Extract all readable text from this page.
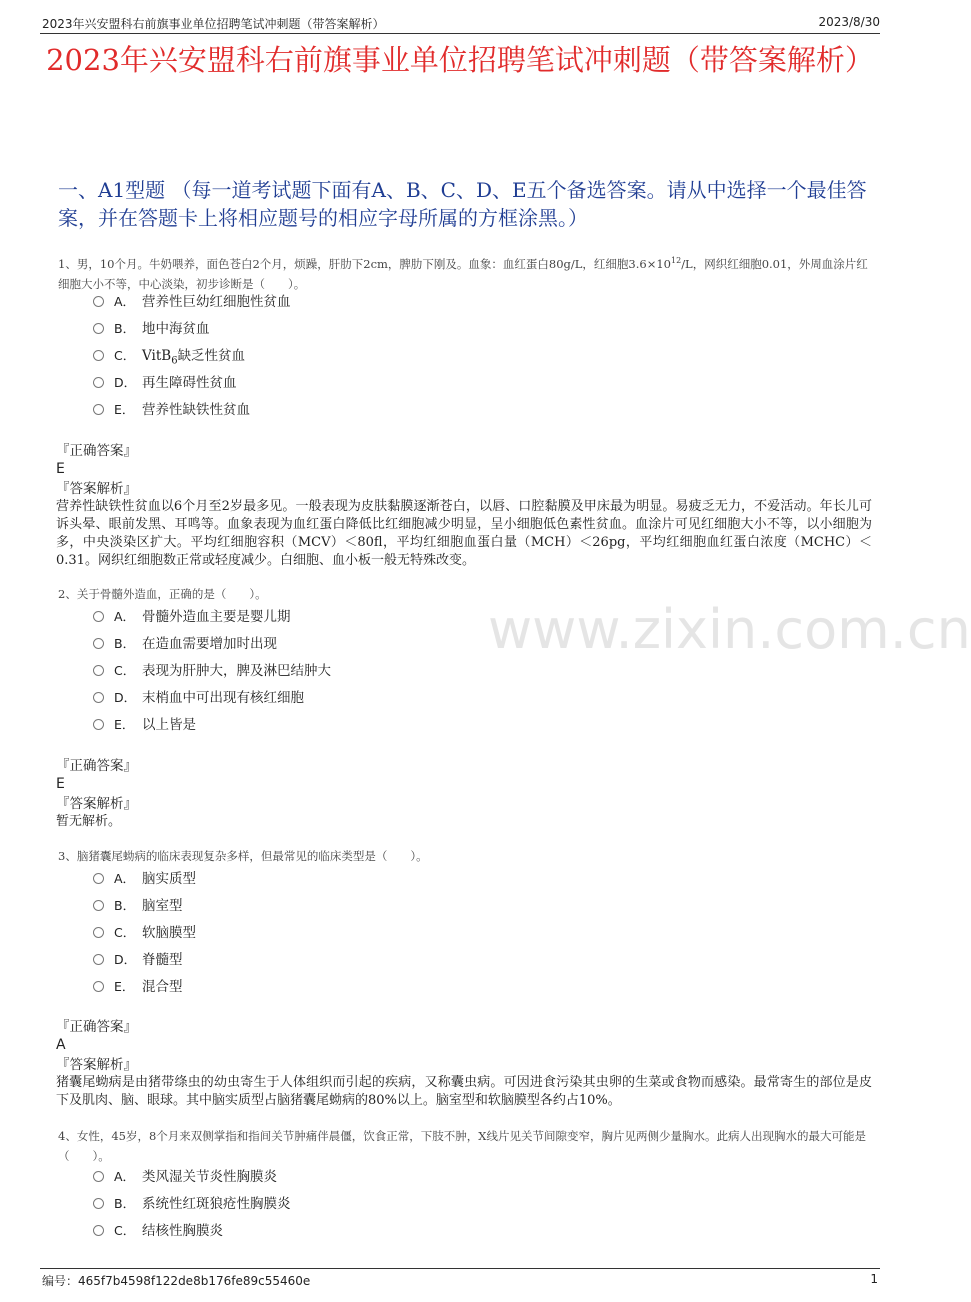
2023年兴安盟科右前旗事业单位招聘笔试冲刺题（带答案解析）	2023/8/30
2023年兴安盟科右前旗事业单位招聘笔试冲刺题（带答案解析）
一、A1型题 （每一道考试题下面有A、B、C、D、E五个备选答案。请从中选择一个最佳答案，并在答题卡上将相应题号的相应字母所属的方框涂黑。）
www.zixin.com.cn
1、男，10个月。牛奶喂养，面色苍白2个月，烦躁，肝肋下2cm，脾肋下刚及。血象：血红蛋白80g/L，红细胞$3.6\times 10^{12}/L$，网织红细胞0.01，外周血涂片红细胞大小不等，中心淡染，初步诊断是（　　）。
A． 营养性巨幼红细胞性贫血
B． 地中海贫血
C． VitB$_6$缺乏性贫血
D． 再生障碍性贫血
E． 营养性缺铁性贫血
『正确答案』
E
『答案解析』
营养性缺铁性贫血以6个月至2岁最多见。一般表现为皮肤黏膜逐渐苍白，以唇、口腔黏膜及甲床最为明显。易疲乏无力，不爱活动。年长儿可诉头晕、眼前发黑、耳鸣等。血象表现为血红蛋白降低比红细胞减少明显，呈小细胞低色素性贫血。血涂片可见红细胞大小不等，以小细胞为多，中央淡染区扩大。平均红细胞容积（MCV）＜80fl，平均红细胞血蛋白量（MCH）＜26pg，平均红细胞血红蛋白浓度（MCHC）＜0.31。网织红细胞数正常或轻度减少。白细胞、血小板一般无特殊改变。
2、关于骨髓外造血，正确的是（　　）。
A． 骨髓外造血主要是婴儿期
B． 在造血需要增加时出现
C． 表现为肝肿大，脾及淋巴结肿大
D． 末梢血中可出现有核红细胞
E． 以上皆是
『正确答案』
E
『答案解析』
暂无解析。
3、脑猪囊尾蚴病的临床表现复杂多样，但最常见的临床类型是（　　）。
A． 脑实质型
B． 脑室型
C． 软脑膜型
D． 脊髓型
E． 混合型
『正确答案』
A
『答案解析』
猪囊尾蚴病是由猪带绦虫的幼虫寄生于人体组织而引起的疾病，又称囊虫病。可因进食污染其虫卵的生菜或食物而感染。最常寄生的部位是皮下及肌肉、脑、眼球。其中脑实质型占脑猪囊尾蚴病的80%以上。脑室型和软脑膜型各约占10%。
4、女性，45岁，8个月来双侧掌指和指间关节肿痛伴晨僵，饮食正常，下肢不肿，X线片见关节间隙变窄，胸片见两侧少量胸水。此病人出现胸水的最大可能是（　　）。
A． 类风湿关节炎性胸膜炎
B． 系统性红斑狼疮性胸膜炎
C． 结核性胸膜炎
编号：465f7b4598f122de8b176fe89c55460e	1
